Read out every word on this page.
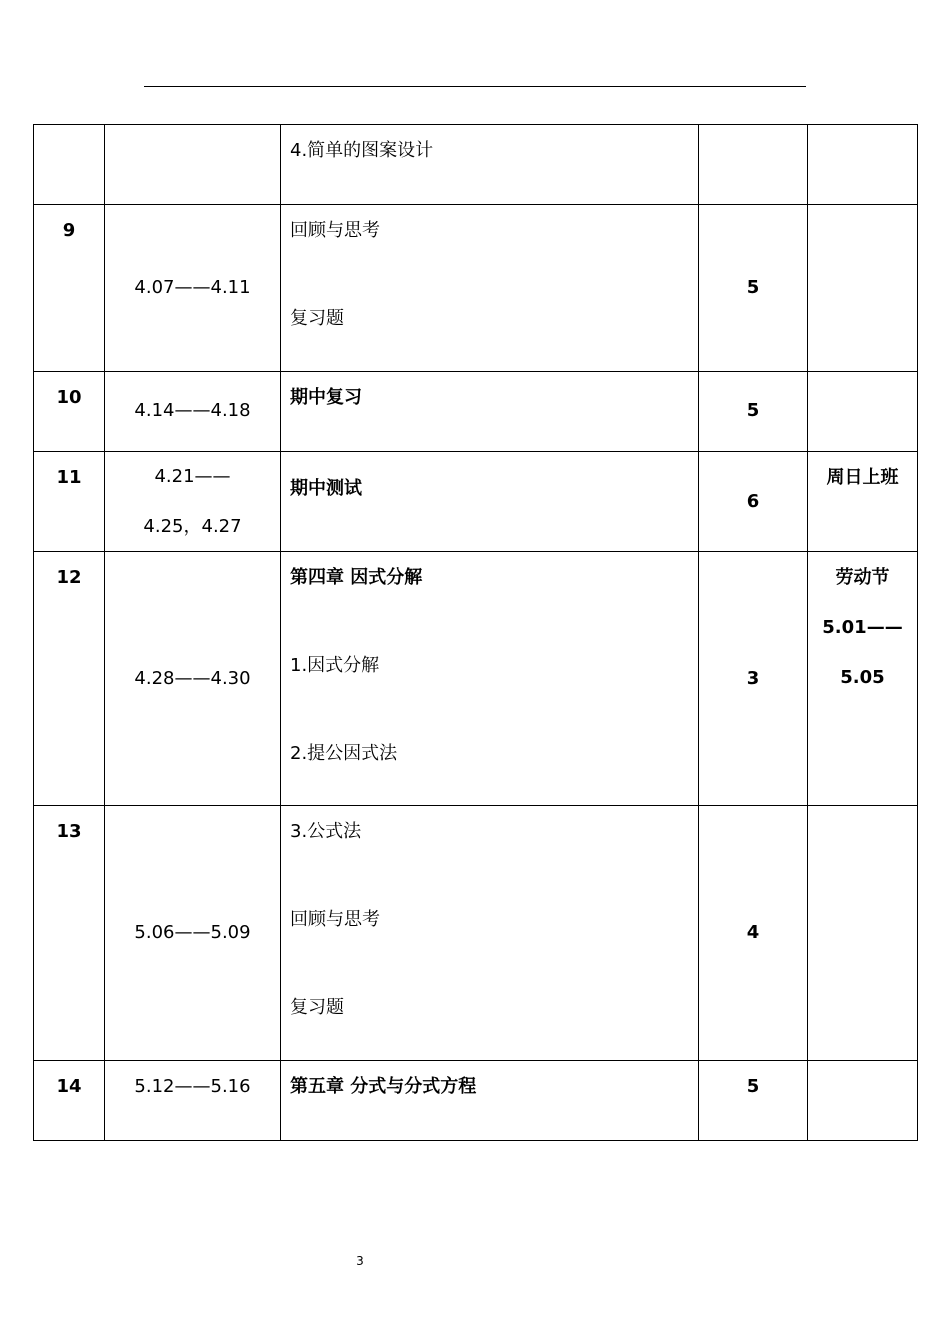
		4.简单的图案设计		

9	4.07——4.11	回顾与思考
复习题	5	

10	4.14——4.18	期中复习	5	

11	4.21——
4.25，4.27	期中测试	6	周日上班

12	4.28——4.30	第四章 因式分解
1.因式分解
2.提公因式法	3	劳动节
5.01——
5.05

13	5.06——5.09	3.公式法
回顾与思考
复习题	4	

14	5.12——5.16	第五章 分式与分式方程	5	

3
